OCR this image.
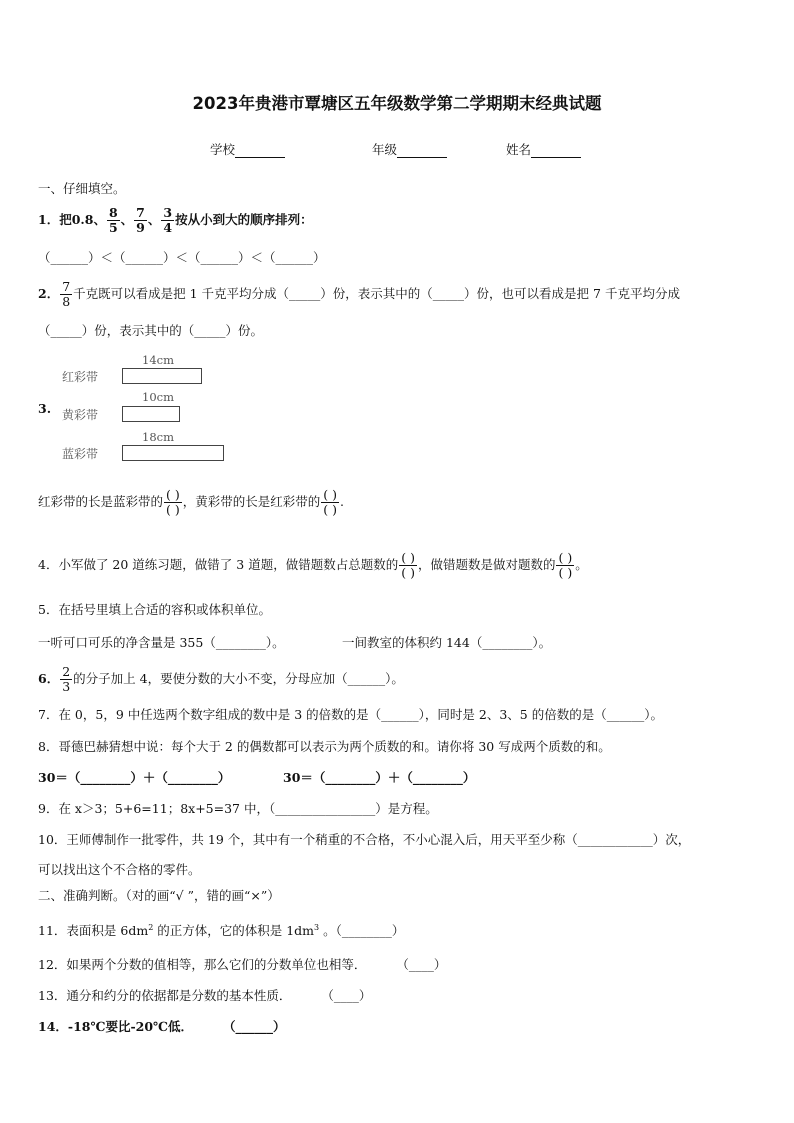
2023年贵港市覃塘区五年级数学第二学期期末经典试题
学校	年级	姓名
一、仔细填空。
1．把0.8、 $\frac{8}{5}$ 、 $\frac{7}{9}$ 、 $\frac{3}{4}$ 按从小到大的顺序排列：
（______）＜（______）＜（______）＜（______）
2． $\frac{7}{8}$ 千克既可以看成是把 1 千克平均分成（_____）份，表示其中的（_____）份，也可以看成是把 7 千克平均分成
（_____）份，表示其中的（_____）份。
3.
14cm
红彩带
10cm
黄彩带
18cm
蓝彩带
红彩带的长是蓝彩带的 $\frac{( )}{( )}$ ，黄彩带的长是红彩带的 $\frac{( )}{( )}$ .
4．小军做了 20 道练习题，做错了 3 道题，做错题数占总题数的 $\frac{( )}{( )}$ ，做错题数是做对题数的 $\frac{( )}{( )}$ 。
5．在括号里填上合适的容积或体积单位。
一听可口可乐的净含量是 355（________）。	一间教室的体积约 144（________）。
6． $\frac{2}{3}$ 的分子加上 4，要使分数的大小不变，分母应加（______）。
7．在 0，5，9 中任选两个数字组成的数中是 3 的倍数的是（______），同时是 2、3、5 的倍数的是（______）。
8．哥德巴赫猜想中说：每个大于 2 的偶数都可以表示为两个质数的和。请你将 30 写成两个质数的和。
30＝（________）＋（________）	30＝（________）＋（________）
9．在 x＞3；5+6=11；8x+5=37 中，（________________）是方程。
10．王师傅制作一批零件，共 19 个，其中有一个稍重的不合格，不小心混入后，用天平至少称（____________）次，
可以找出这个不合格的零件。
二、准确判断。（对的画“√ ”，错的画“×”）
11．表面积是 $6dm^2$ 的正方体，它的体积是 $1dm^3$ 。（________）
12．如果两个分数的值相等，那么它们的分数单位也相等． （____）
13．通分和约分的依据都是分数的基本性质． （____）
14．-18℃要比-20℃低． （______）
